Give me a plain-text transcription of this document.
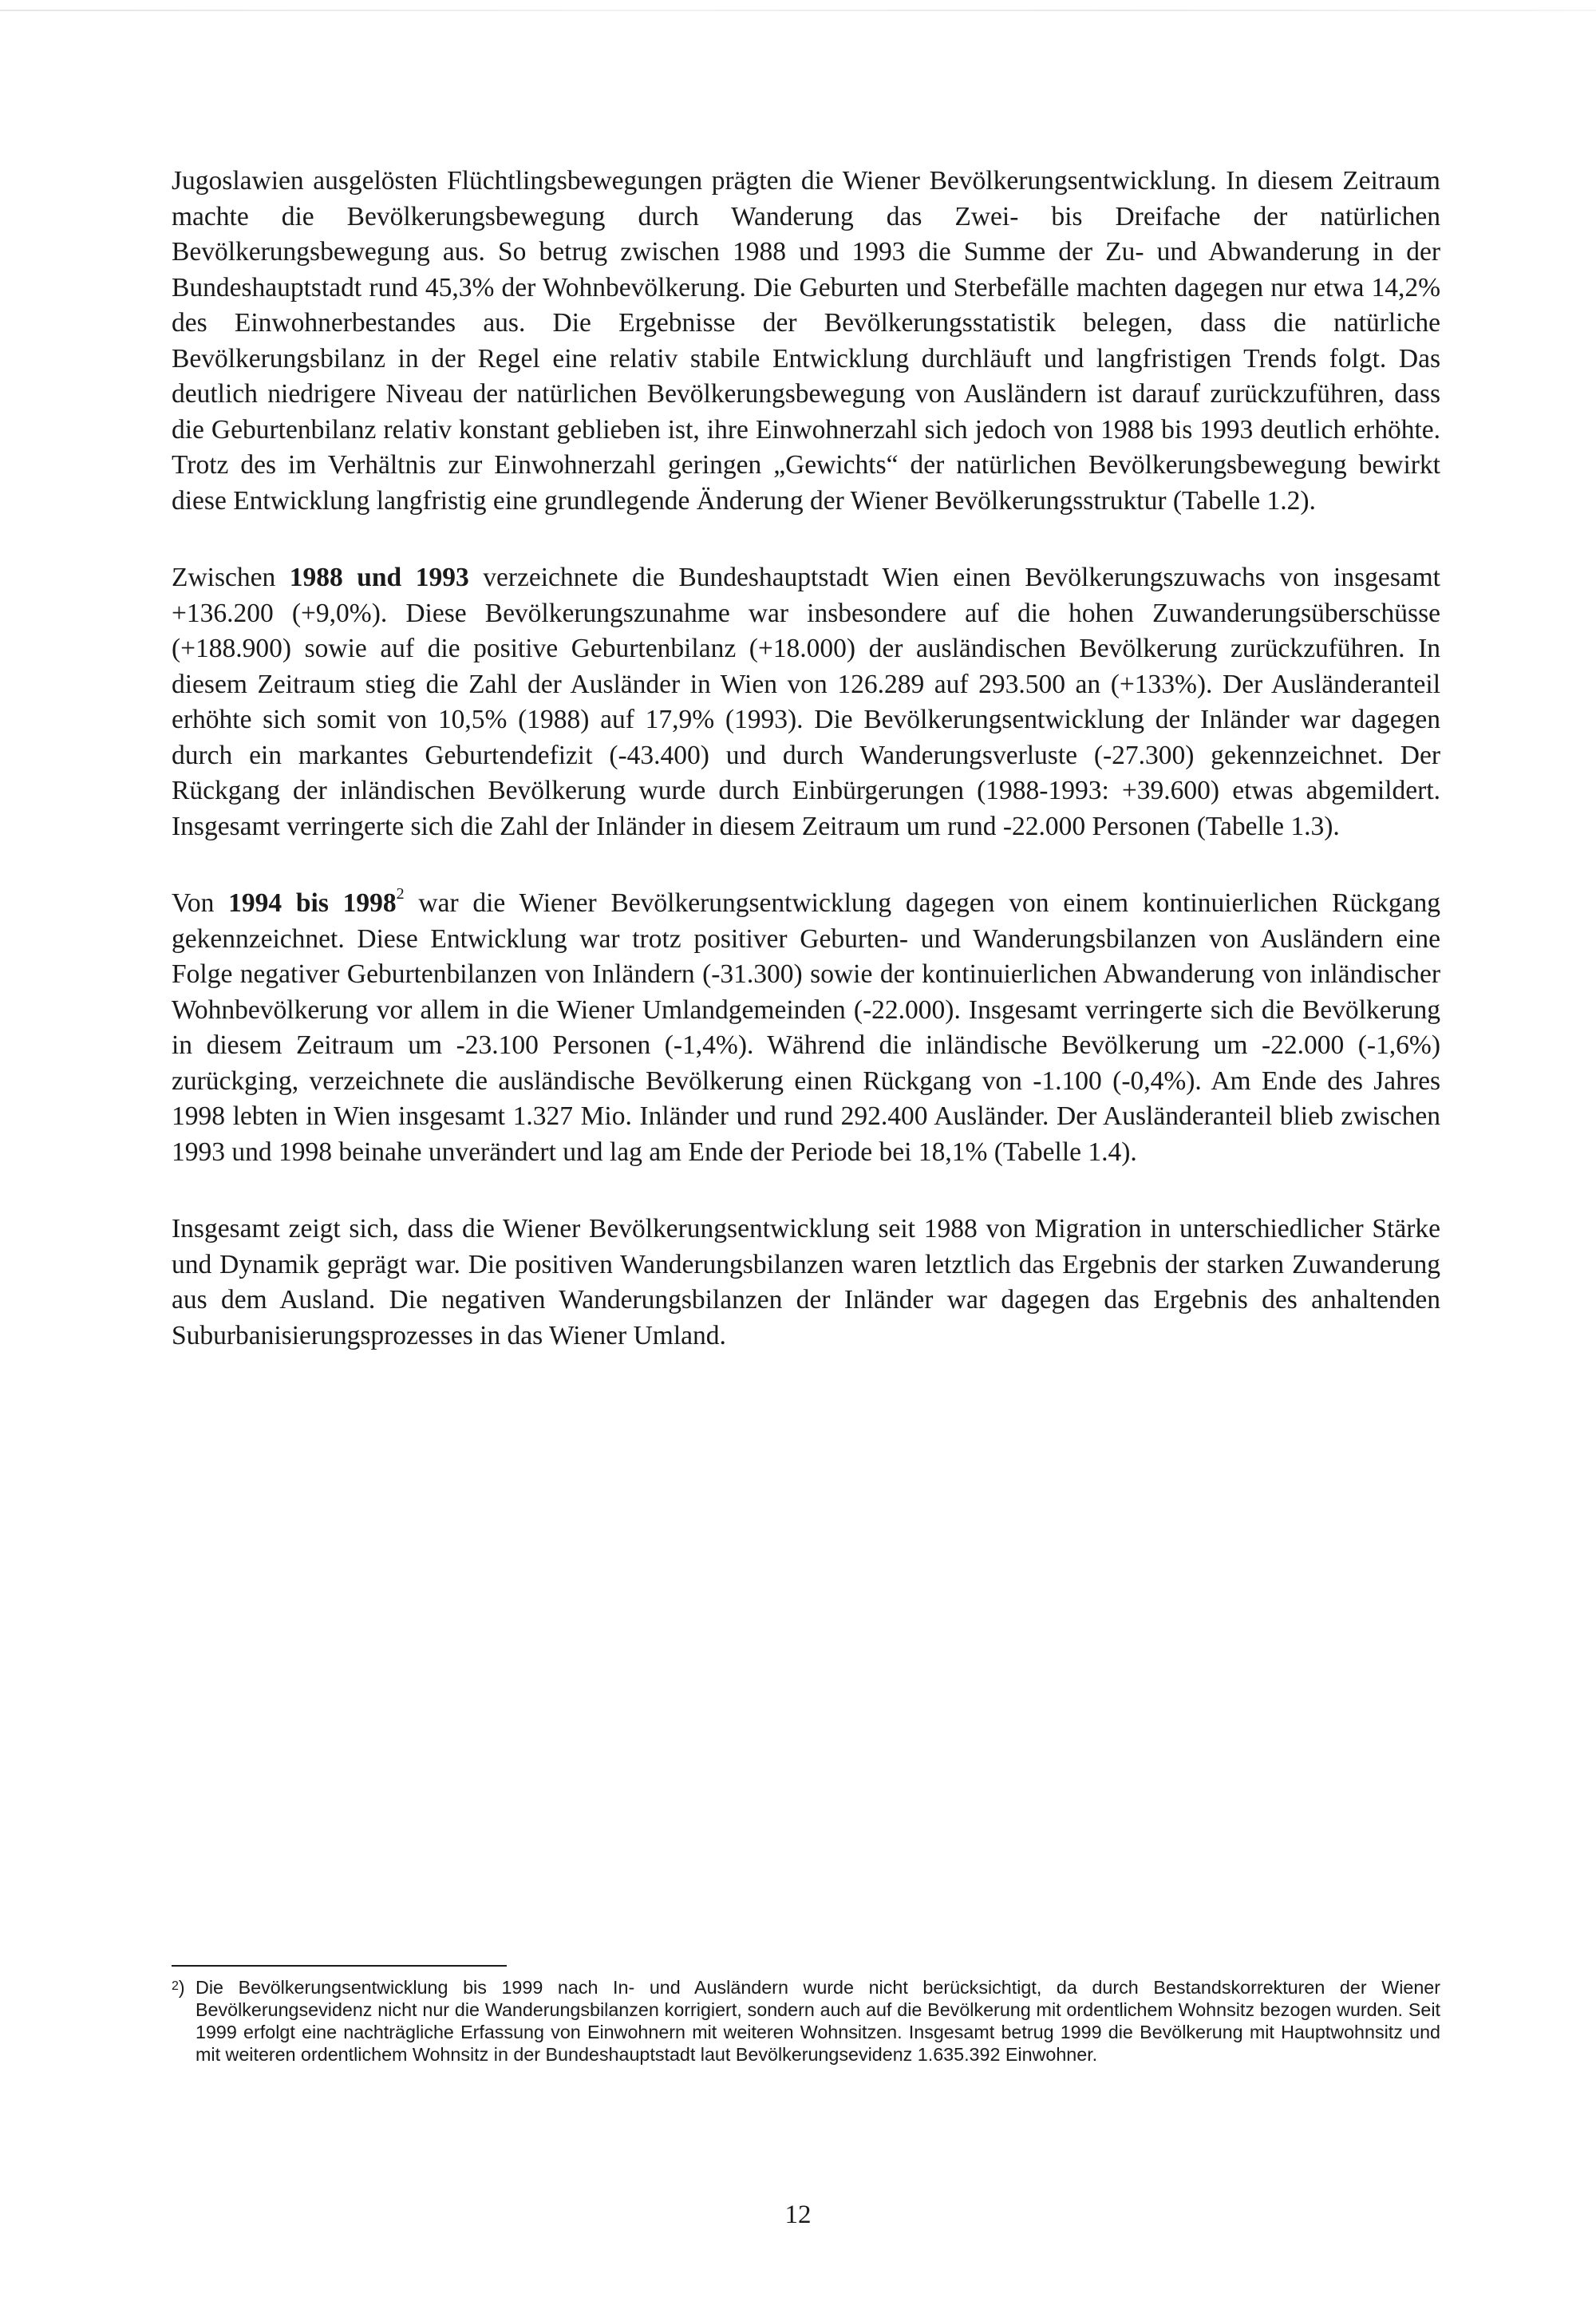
Jugoslawien ausgelösten Flüchtlingsbewegungen prägten die Wiener Bevölkerungsentwicklung. In diesem Zeitraum machte die Bevölkerungsbewegung durch Wanderung das Zwei- bis Dreifache der natürlichen Bevölkerungsbewegung aus. So betrug zwischen 1988 und 1993 die Summe der Zu- und Abwanderung in der Bundeshauptstadt rund 45,3% der Wohnbevölkerung. Die Geburten und Sterbefälle machten dagegen nur etwa 14,2% des Einwohnerbestandes aus. Die Ergebnisse der Bevölkerungsstatistik belegen, dass die natürliche Bevölkerungsbilanz in der Regel eine relativ stabile Entwicklung durchläuft und langfristigen Trends folgt. Das deutlich niedrigere Niveau der natürlichen Bevölkerungsbewegung von Ausländern ist darauf zurückzuführen, dass die Geburtenbilanz relativ konstant geblieben ist, ihre Einwohnerzahl sich jedoch von 1988 bis 1993 deutlich erhöhte. Trotz des im Verhältnis zur Einwohnerzahl geringen „Gewichts“ der natürlichen Bevölkerungsbewegung bewirkt diese Entwicklung langfristig eine grundlegende Änderung der Wiener Bevölkerungsstruktur (Tabelle 1.2).

Zwischen 1988 und 1993 verzeichnete die Bundeshauptstadt Wien einen Bevölkerungszuwachs von insgesamt +136.200 (+9,0%). Diese Bevölkerungszunahme war insbesondere auf die hohen Zuwanderungsüberschüsse (+188.900) sowie auf die positive Geburtenbilanz (+18.000) der ausländischen Bevölkerung zurückzuführen. In diesem Zeitraum stieg die Zahl der Ausländer in Wien von 126.289 auf 293.500 an (+133%). Der Ausländeranteil erhöhte sich somit von 10,5% (1988) auf 17,9% (1993). Die Bevölkerungsentwicklung der Inländer war dagegen durch ein markantes Geburtendefizit (-43.400) und durch Wanderungsverluste (-27.300) gekennzeichnet. Der Rückgang der inländischen Bevölkerung wurde durch Einbürgerungen (1988-1993: +39.600) etwas abgemildert. Insgesamt verringerte sich die Zahl der Inländer in diesem Zeitraum um rund -22.000 Personen (Tabelle 1.3).

Von 1994 bis 1998$^2$ war die Wiener Bevölkerungsentwicklung dagegen von einem kontinuierlichen Rückgang gekennzeichnet. Diese Entwicklung war trotz positiver Geburten- und Wanderungsbilanzen von Ausländern eine Folge negativer Geburtenbilanzen von Inländern (-31.300) sowie der kontinuierlichen Abwanderung von inländischer Wohnbevölkerung vor allem in die Wiener Umlandgemeinden (-22.000). Insgesamt verringerte sich die Bevölkerung in diesem Zeitraum um -23.100 Personen (-1,4%). Während die inländische Bevölkerung um -22.000 (-1,6%) zurückging, verzeichnete die ausländische Bevölkerung einen Rückgang von -1.100 (-0,4%). Am Ende des Jahres 1998 lebten in Wien insgesamt 1.327 Mio. Inländer und rund 292.400 Ausländer. Der Ausländeranteil blieb zwischen 1993 und 1998 beinahe unverändert und lag am Ende der Periode bei 18,1% (Tabelle 1.4).

Insgesamt zeigt sich, dass die Wiener Bevölkerungsentwicklung seit 1988 von Migration in unterschiedlicher Stärke und Dynamik geprägt war. Die positiven Wanderungsbilanzen waren letztlich das Ergebnis der starken Zuwanderung aus dem Ausland. Die negativen Wanderungsbilanzen der Inländer war dagegen das Ergebnis des anhaltenden Suburbanisierungsprozesses in das Wiener Umland.

2) Die Bevölkerungsentwicklung bis 1999 nach In- und Ausländern wurde nicht berücksichtigt, da durch Bestandskorrekturen der Wiener Bevölkerungsevidenz nicht nur die Wanderungsbilanzen korrigiert, sondern auch auf die Bevölkerung mit ordentlichem Wohnsitz bezogen wurden. Seit 1999 erfolgt eine nachträgliche Erfassung von Einwohnern mit weiteren Wohnsitzen. Insgesamt betrug 1999 die Bevölkerung mit Hauptwohnsitz und mit weiteren ordentlichem Wohnsitz in der Bundeshauptstadt laut Bevölkerungsevidenz 1.635.392 Einwohner.

12
